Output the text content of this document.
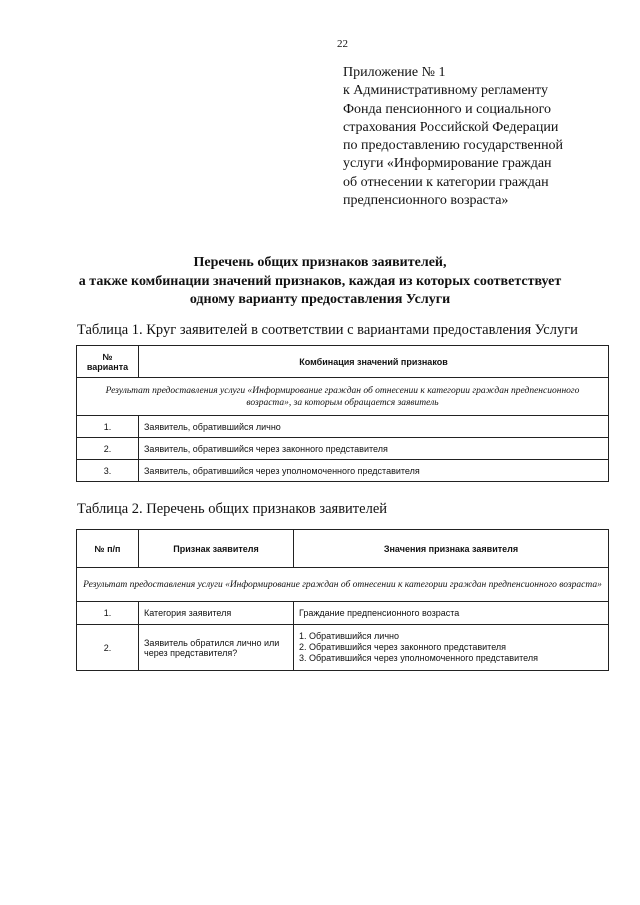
22
Приложение № 1
к Административному регламенту
Фонда пенсионного и социального
страхования Российской Федерации
по предоставлению государственной
услуги «Информирование граждан
об отнесении к категории граждан
предпенсионного возраста»
Перечень общих признаков заявителей,
а также комбинации значений признаков, каждая из которых соответствует
одному варианту предоставления Услуги
Таблица 1. Круг заявителей в соответствии с вариантами предоставления Услуги
№ варианта	Комбинация значений признаков
Результат предоставления услуги «Информирование граждан об отнесении к категории граждан предпенсионного возраста», за которым обращается заявитель	
1.	Заявитель, обратившийся лично
2.	Заявитель, обратившийся через законного представителя
3.	Заявитель, обратившийся через уполномоченного представителя
Таблица 2. Перечень общих признаков заявителей
№ п/п	Признак заявителя	Значения признака заявителя
Результат предоставления услуги «Информирование граждан об отнесении к категории граждан предпенсионного возраста»		
1.	Категория заявителя	Граждание предпенсионного возраста
2.	Заявитель обратился лично или через представителя?	1. Обратившийся лично
2. Обратившийся через законного представителя
3. Обратившийся через уполномоченного представителя
